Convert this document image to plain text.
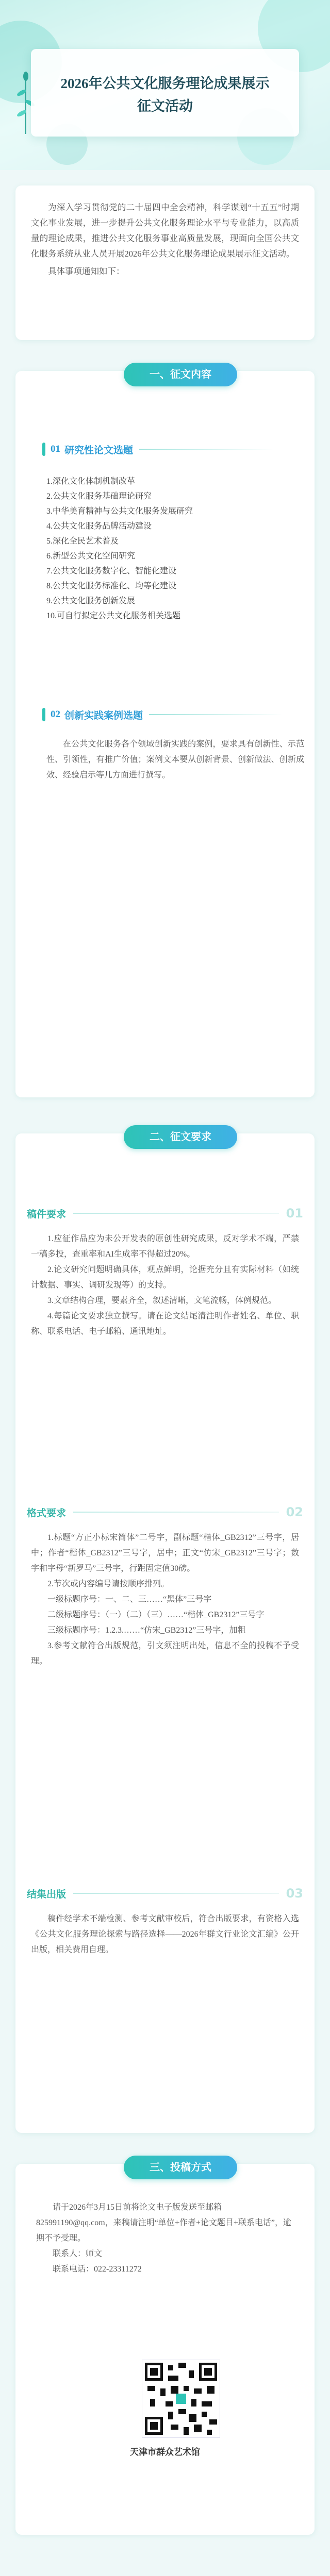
2026年公共文化服务理论成果展示
征文活动

为深入学习贯彻党的二十届四中全会精神，科学谋划“十五五”时期文化事业发展，进一步提升公共文化服务理论水平与专业能力，以高质量的理论成果，推进公共文化服务事业高质量发展，现面向全国公共文化服务系统从业人员开展2026年公共文化服务理论成果展示征文活动。

具体事项通知如下：

一、征文内容
01 研究性论文选题
1.深化文化体制机制改革
2.公共文化服务基础理论研究
3.中华美育精神与公共文化服务发展研究
4.公共文化服务品牌活动建设
5.深化全民艺术普及
6.新型公共文化空间研究
7.公共文化服务数字化、智能化建设
8.公共文化服务标准化、均等化建设
9.公共文化服务创新发展
10.可自行拟定公共文化服务相关选题
02 创新实践案例选题

在公共文化服务各个领域创新实践的案例，要求具有创新性、示范性、引领性，有推广价值；案例文本要从创新背景、创新做法、创新成效、经验启示等几方面进行撰写。

二、征文要求
稿件要求	01

1.应征作品应为未公开发表的原创性研究成果，反对学术不端，严禁一稿多投，查重率和AI生成率不得超过20%。

2.论文研究问题明确具体，观点鲜明，论据充分且有实际材料（如统计数据、事实、调研发现等）的支持。

3.文章结构合理，要素齐全，叙述清晰，文笔流畅，体例规范。

4.每篇论文要求独立撰写。请在论文结尾清注明作者姓名、单位、职称、联系电话、电子邮箱、通讯地址。

格式要求	02

1.标题“方正小标宋简体”二号字，副标题“楷体_GB2312”三号字，居中；作者“楷体_GB2312”三号字，居中；正文“仿宋_GB2312”三号字；数字和字母“新罗马”三号字，行距固定值30磅。

2.节次或内容编号请按顺序排列。

一级标题序号：一、二、三……“黑体”三号字

二级标题序号：（一）（二）（三）……“楷体_GB2312”三号字

三级标题序号：1.2.3.……“仿宋_GB2312”三号字，加粗

3.参考文献符合出版规范，引文须注明出处，信息不全的投稿不予受理。

结集出版	03

稿件经学术不端检测、参考文献审校后，符合出版要求，有资格入选《公共文化服务理论探索与路径选择——2026年群文行业论文汇编》公开出版，相关费用自理。

三、投稿方式

请于2026年3月15日前将论文电子版发送至邮箱825991190@qq.com，来稿请注明“单位+作者+论文题目+联系电话”，逾期不予受理。

联系人：师文

联系电话：022-23311272

天津市群众艺术馆
